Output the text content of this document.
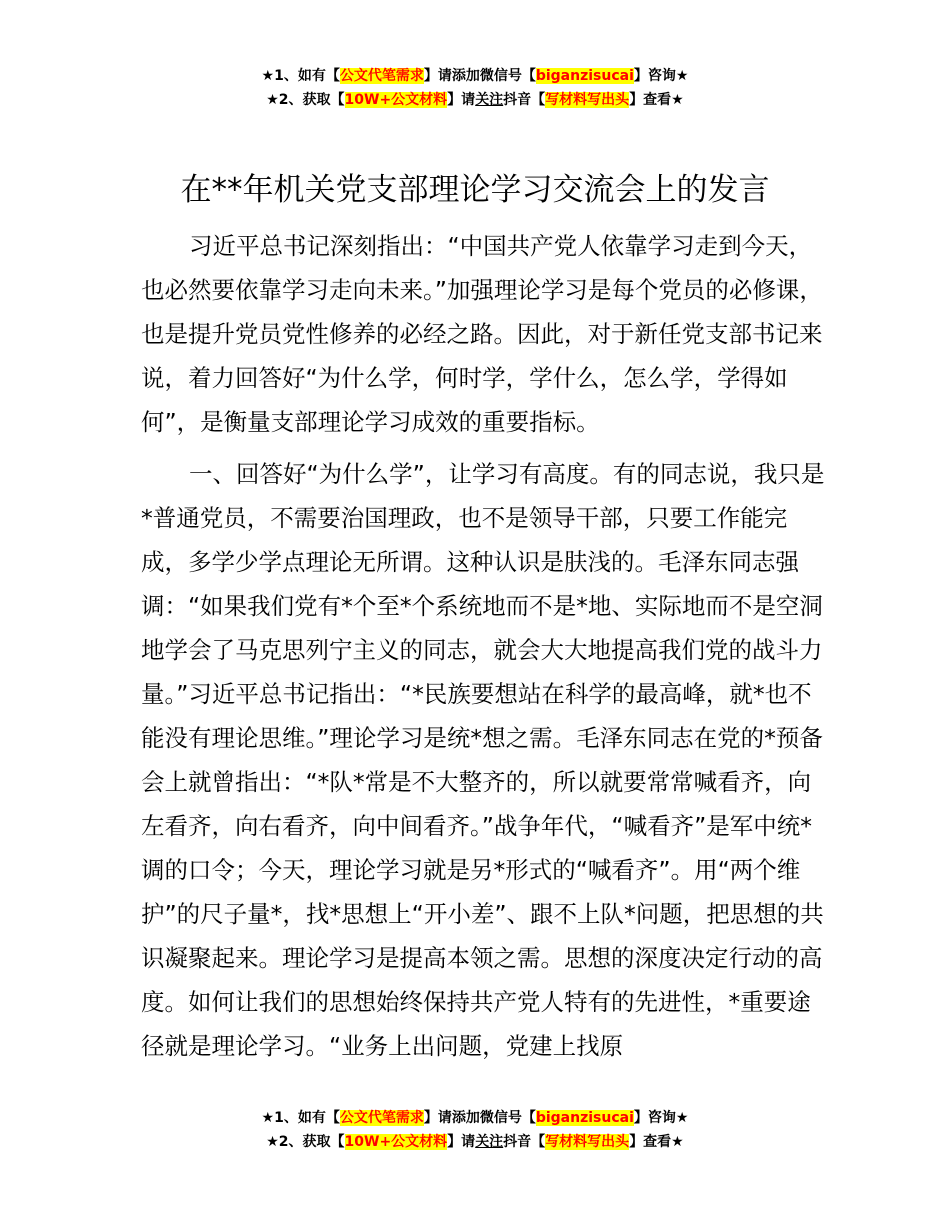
★1、如有【公文代笔需求】请添加微信号【biganzisucai】咨询★
★2、获取【10W+公文材料】请关注抖音【写材料写出头】查看★
在**年机关党支部理论学习交流会上的发言

习近平总书记深刻指出：“中国共产党人依靠学习走到今天，也必然要依靠学习走向未来。”加强理论学习是每个党员的必修课，也是提升党员党性修养的必经之路。因此，对于新任党支部书记来说，着力回答好“为什么学，何时学，学什么，怎么学，学得如何”，是衡量支部理论学习成效的重要指标。

一、回答好“为什么学”，让学习有高度。有的同志说，我只是*普通党员，不需要治国理政，也不是领导干部，只要工作能完成，多学少学点理论无所谓。这种认识是肤浅的。毛泽东同志强调：“如果我们党有*个至*个系统地而不是*地、实际地而不是空洞地学会了马克思列宁主义的同志，就会大大地提高我们党的战斗力量。”习近平总书记指出：“*民族要想站在科学的最高峰，就*也不能没有理论思维。”理论学习是统*想之需。毛泽东同志在党的*预备会上就曾指出：“*队*常是不大整齐的，所以就要常常喊看齐，向左看齐，向右看齐，向中间看齐。”战争年代，“喊看齐”是军中统*调的口令；今天，理论学习就是另*形式的“喊看齐”。用“两个维护”的尺子量*，找*思想上“开小差”、跟不上队*问题，把思想的共识凝聚起来。理论学习是提高本领之需。思想的深度决定行动的高度。如何让我们的思想始终保持共产党人特有的先进性，*重要途径就是理论学习。“业务上出问题，党建上找原

★1、如有【公文代笔需求】请添加微信号【biganzisucai】咨询★
★2、获取【10W+公文材料】请关注抖音【写材料写出头】查看★
